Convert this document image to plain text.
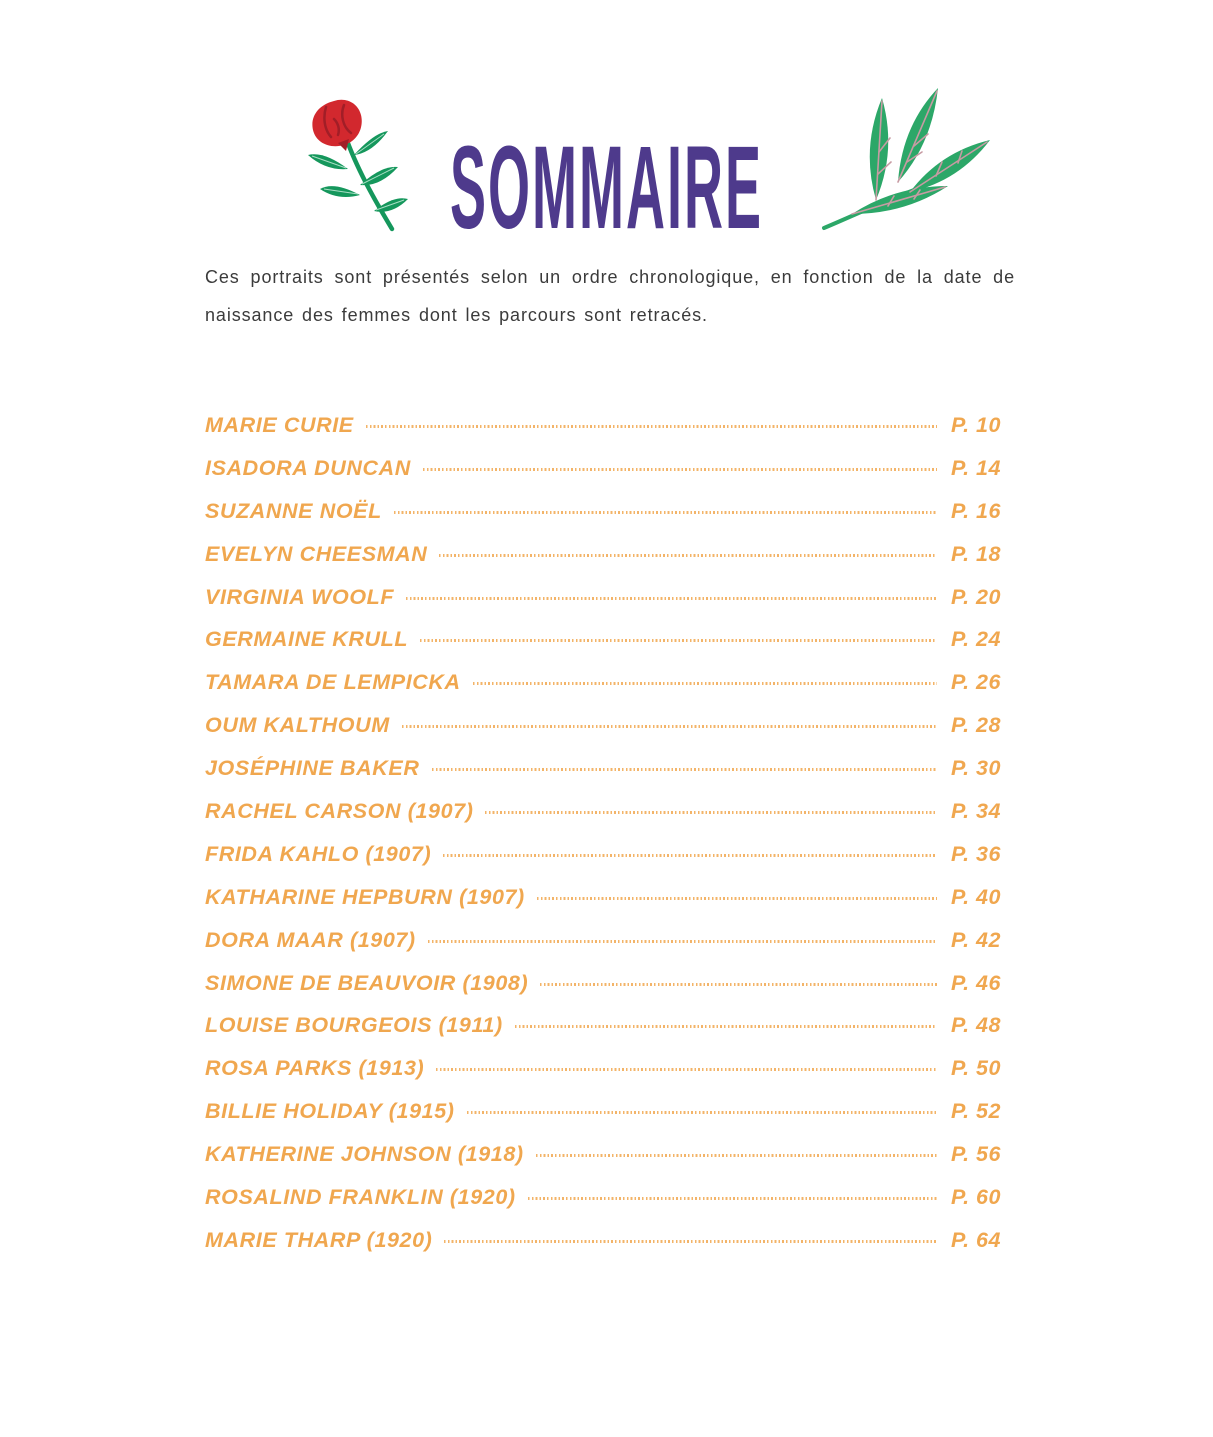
SOMMAIRE

Ces portraits sont présentés selon un ordre chronologique, en fonction de la date de naissance des femmes dont les parcours sont retracés.

MARIE CURIE	P. 10
ISADORA DUNCAN	P. 14
SUZANNE NOËL	P. 16
EVELYN CHEESMAN	P. 18
VIRGINIA WOOLF	P. 20
GERMAINE KRULL	P. 24
TAMARA DE LEMPICKA	P. 26
OUM KALTHOUM	P. 28
JOSÉPHINE BAKER	P. 30
RACHEL CARSON (1907)	P. 34
FRIDA KAHLO (1907)	P. 36
KATHARINE HEPBURN (1907)	P. 40
DORA MAAR (1907)	P. 42
SIMONE DE BEAUVOIR (1908)	P. 46
LOUISE BOURGEOIS (1911)	P. 48
ROSA PARKS (1913)	P. 50
BILLIE HOLIDAY (1915)	P. 52
KATHERINE JOHNSON (1918)	P. 56
ROSALIND FRANKLIN (1920)	P. 60
MARIE THARP (1920)	P. 64
